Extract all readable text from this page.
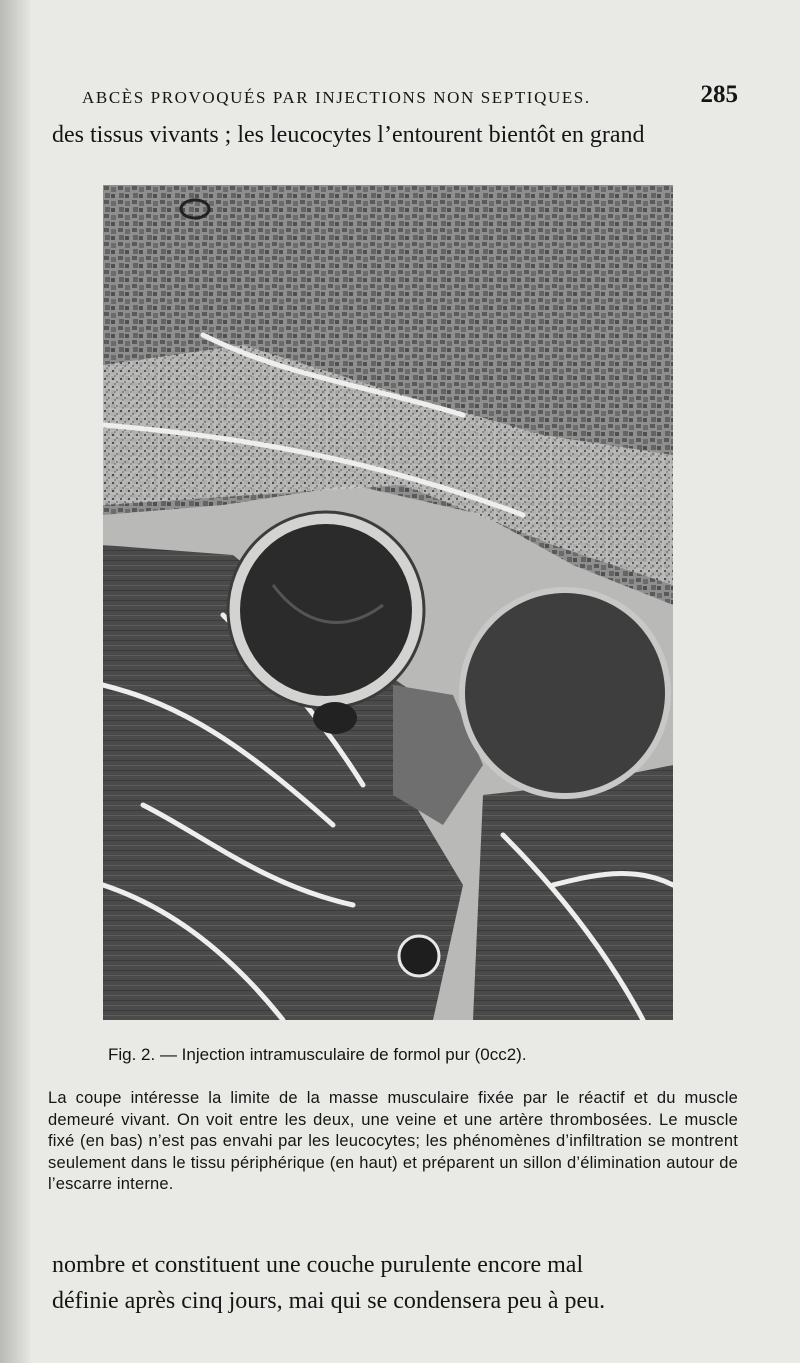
ABCÈS PROVOQUÉS PAR INJECTIONS NON SEPTIQUES.	285
des tissus vivants ; les leucocytes l’entourent bientôt en grand
Fig. 2. — Injection intramusculaire de formol pur (0cc2).

La coupe intéresse la limite de la masse musculaire fixée par le réactif et du muscle demeuré vivant. On voit entre les deux, une veine et une artère thrombosées. Le muscle fixé (en bas) n’est pas envahi par les leucocytes; les phénomènes d’infiltration se montrent seulement dans le tissu périphérique (en haut) et préparent un sillon d’élimination autour de l’escarre interne.

nombre et constituent une couche purulente encore mal
définie après cinq jours, mai qui se condensera peu à peu.
